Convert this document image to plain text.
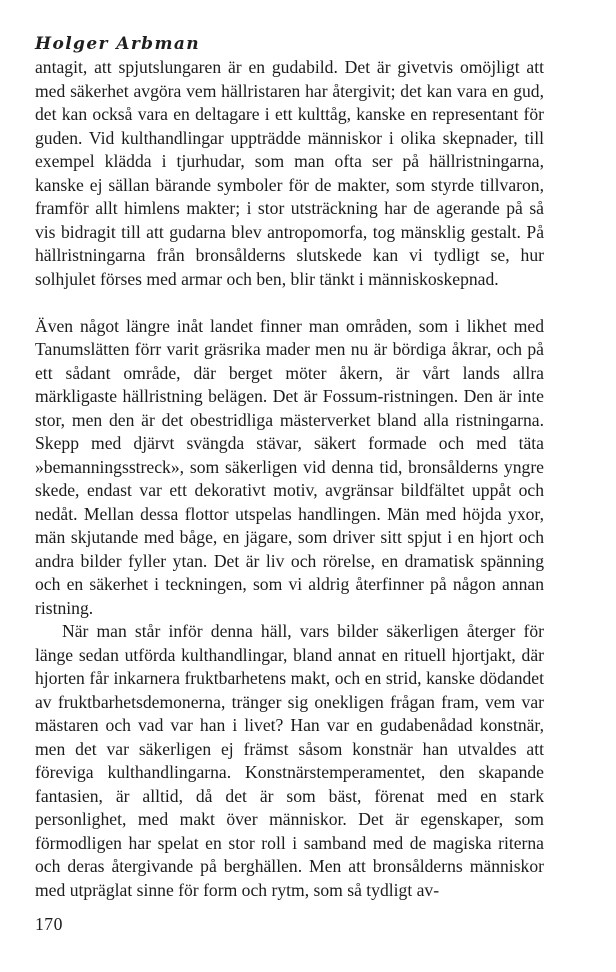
Holger Arbman

antagit, att spjutslungaren är en gudabild. Det är givetvis omöjligt att med säkerhet avgöra vem hällristaren har återgivit; det kan vara en gud, det kan också vara en deltagare i ett kulttåg, kanske en representant för guden. Vid kulthandlingar uppträdde människor i olika skepnader, till exempel klädda i tjurhudar, som man ofta ser på hällristningarna, kanske ej sällan bärande symboler för de makter, som styrde tillvaron, framför allt himlens makter; i stor utsträckning har de agerande på så vis bidragit till att gudarna blev antropomorfa, tog mänsklig gestalt. På hällristningarna från bronsålderns slutskede kan vi tydligt se, hur solhjulet förses med armar och ben, blir tänkt i människoskepnad.

Även något längre inåt landet finner man områden, som i likhet med Tanumslätten förr varit gräsrika mader men nu är bördiga åkrar, och på ett sådant område, där berget möter åkern, är vårt lands allra märkligaste hällristning belägen. Det är Fossum-ristningen. Den är inte stor, men den är det obestridliga mästerverket bland alla ristningarna. Skepp med djärvt svängda stävar, säkert formade och med täta »bemanningsstreck», som säkerligen vid denna tid, bronsålderns yngre skede, endast var ett dekorativt motiv, avgränsar bildfältet uppåt och nedåt. Mellan dessa flottor utspelas handlingen. Män med höjda yxor, män skjutande med båge, en jägare, som driver sitt spjut i en hjort och andra bilder fyller ytan. Det är liv och rörelse, en dramatisk spänning och en säkerhet i teckningen, som vi aldrig återfinner på någon annan ristning.

När man står inför denna häll, vars bilder säkerligen återger för länge sedan utförda kulthandlingar, bland annat en rituell hjortjakt, där hjorten får inkarnera fruktbarhetens makt, och en strid, kanske dödandet av fruktbarhetsdemonerna, tränger sig onekligen frågan fram, vem var mästaren och vad var han i livet? Han var en gudabenådad konstnär, men det var säkerligen ej främst såsom konstnär han utvaldes att föreviga kulthandlingarna. Konstnärstemperamentet, den skapande fantasien, är alltid, då det är som bäst, förenat med en stark personlighet, med makt över människor. Det är egenskaper, som förmodligen har spelat en stor roll i samband med de magiska riterna och deras återgivande på berghällen. Men att bronsålderns människor med utpräglat sinne för form och rytm, som så tydligt av-

170
